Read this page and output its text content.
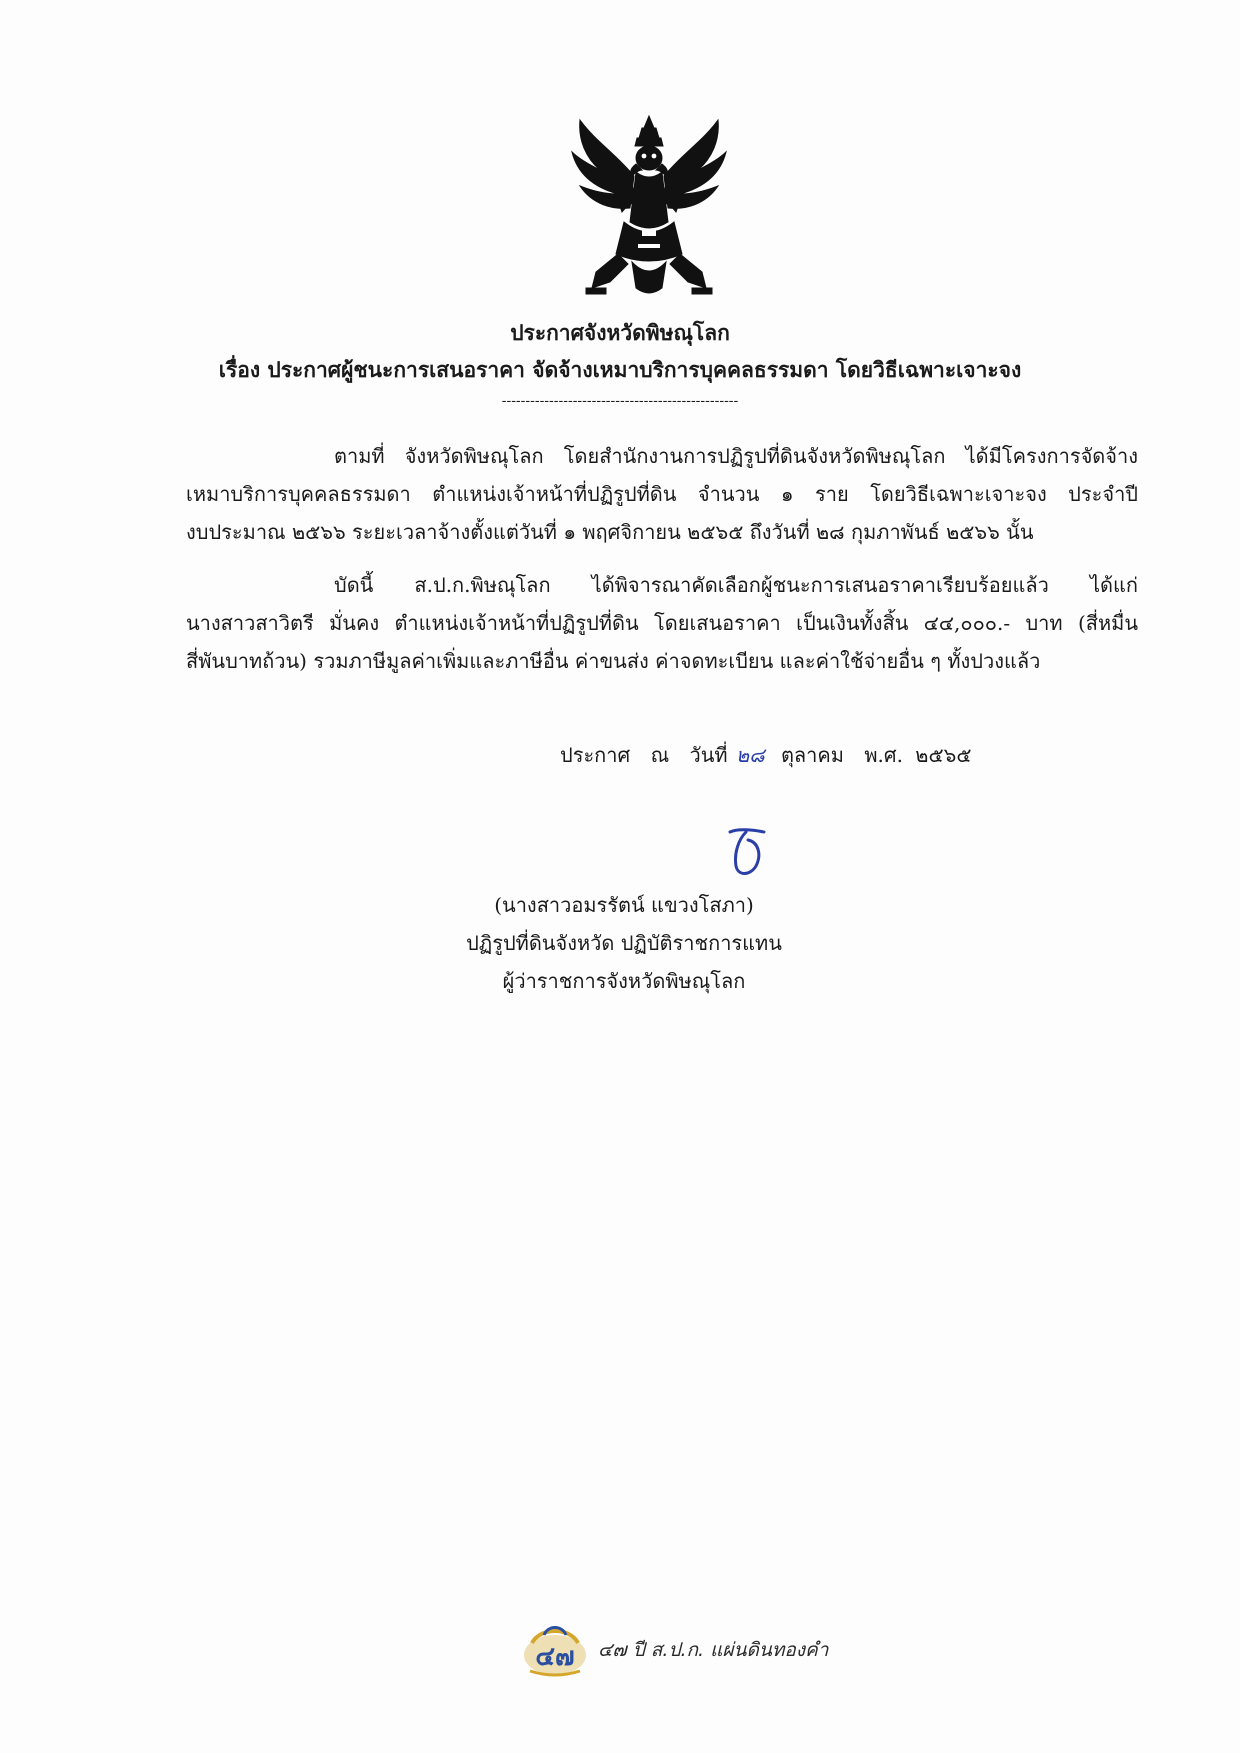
ประกาศจังหวัดพิษณุโลก
เรื่อง ประกาศผู้ชนะการเสนอราคา จัดจ้างเหมาบริการบุคคลธรรมดา โดยวิธีเฉพาะเจาะจง
--------------------------------------------------
ตามที่ จังหวัดพิษณุโลก โดยสำนักงานการปฏิรูปที่ดินจังหวัดพิษณุโลก ได้มีโครงการจัดจ้าง
เหมาบริการบุคคลธรรมดา ตำแหน่งเจ้าหน้าที่ปฏิรูปที่ดิน จำนวน ๑ ราย โดยวิธีเฉพาะเจาะจง ประจำปี
งบประมาณ ๒๕๖๖ ระยะเวลาจ้างตั้งแต่วันที่ ๑ พฤศจิกายน ๒๕๖๕ ถึงวันที่ ๒๘ กุมภาพันธ์ ๒๕๖๖ นั้น
บัดนี้ ส.ป.ก.พิษณุโลก ได้พิจารณาคัดเลือกผู้ชนะการเสนอราคาเรียบร้อยแล้ว ได้แก่
นางสาวสาวิตรี มั่นคง ตำแหน่งเจ้าหน้าที่ปฏิรูปที่ดิน โดยเสนอราคา เป็นเงินทั้งสิ้น ๔๔,๐๐๐.- บาท (สี่หมื่น
สี่พันบาทถ้วน) รวมภาษีมูลค่าเพิ่มและภาษีอื่น ค่าขนส่ง ค่าจดทะเบียน และค่าใช้จ่ายอื่น ๆ ทั้งปวงแล้ว
ประกาศ ณ วันที่ ๒๘ ตุลาคม พ.ศ. ๒๕๖๕
(นางสาวอมรรัตน์ แขวงโสภา)
ปฏิรูปที่ดินจังหวัด ปฏิบัติราชการแทน
ผู้ว่าราชการจังหวัดพิษณุโลก
๔๗ ๔๗ ปี ส.ป.ก. แผ่นดินทองคำ
